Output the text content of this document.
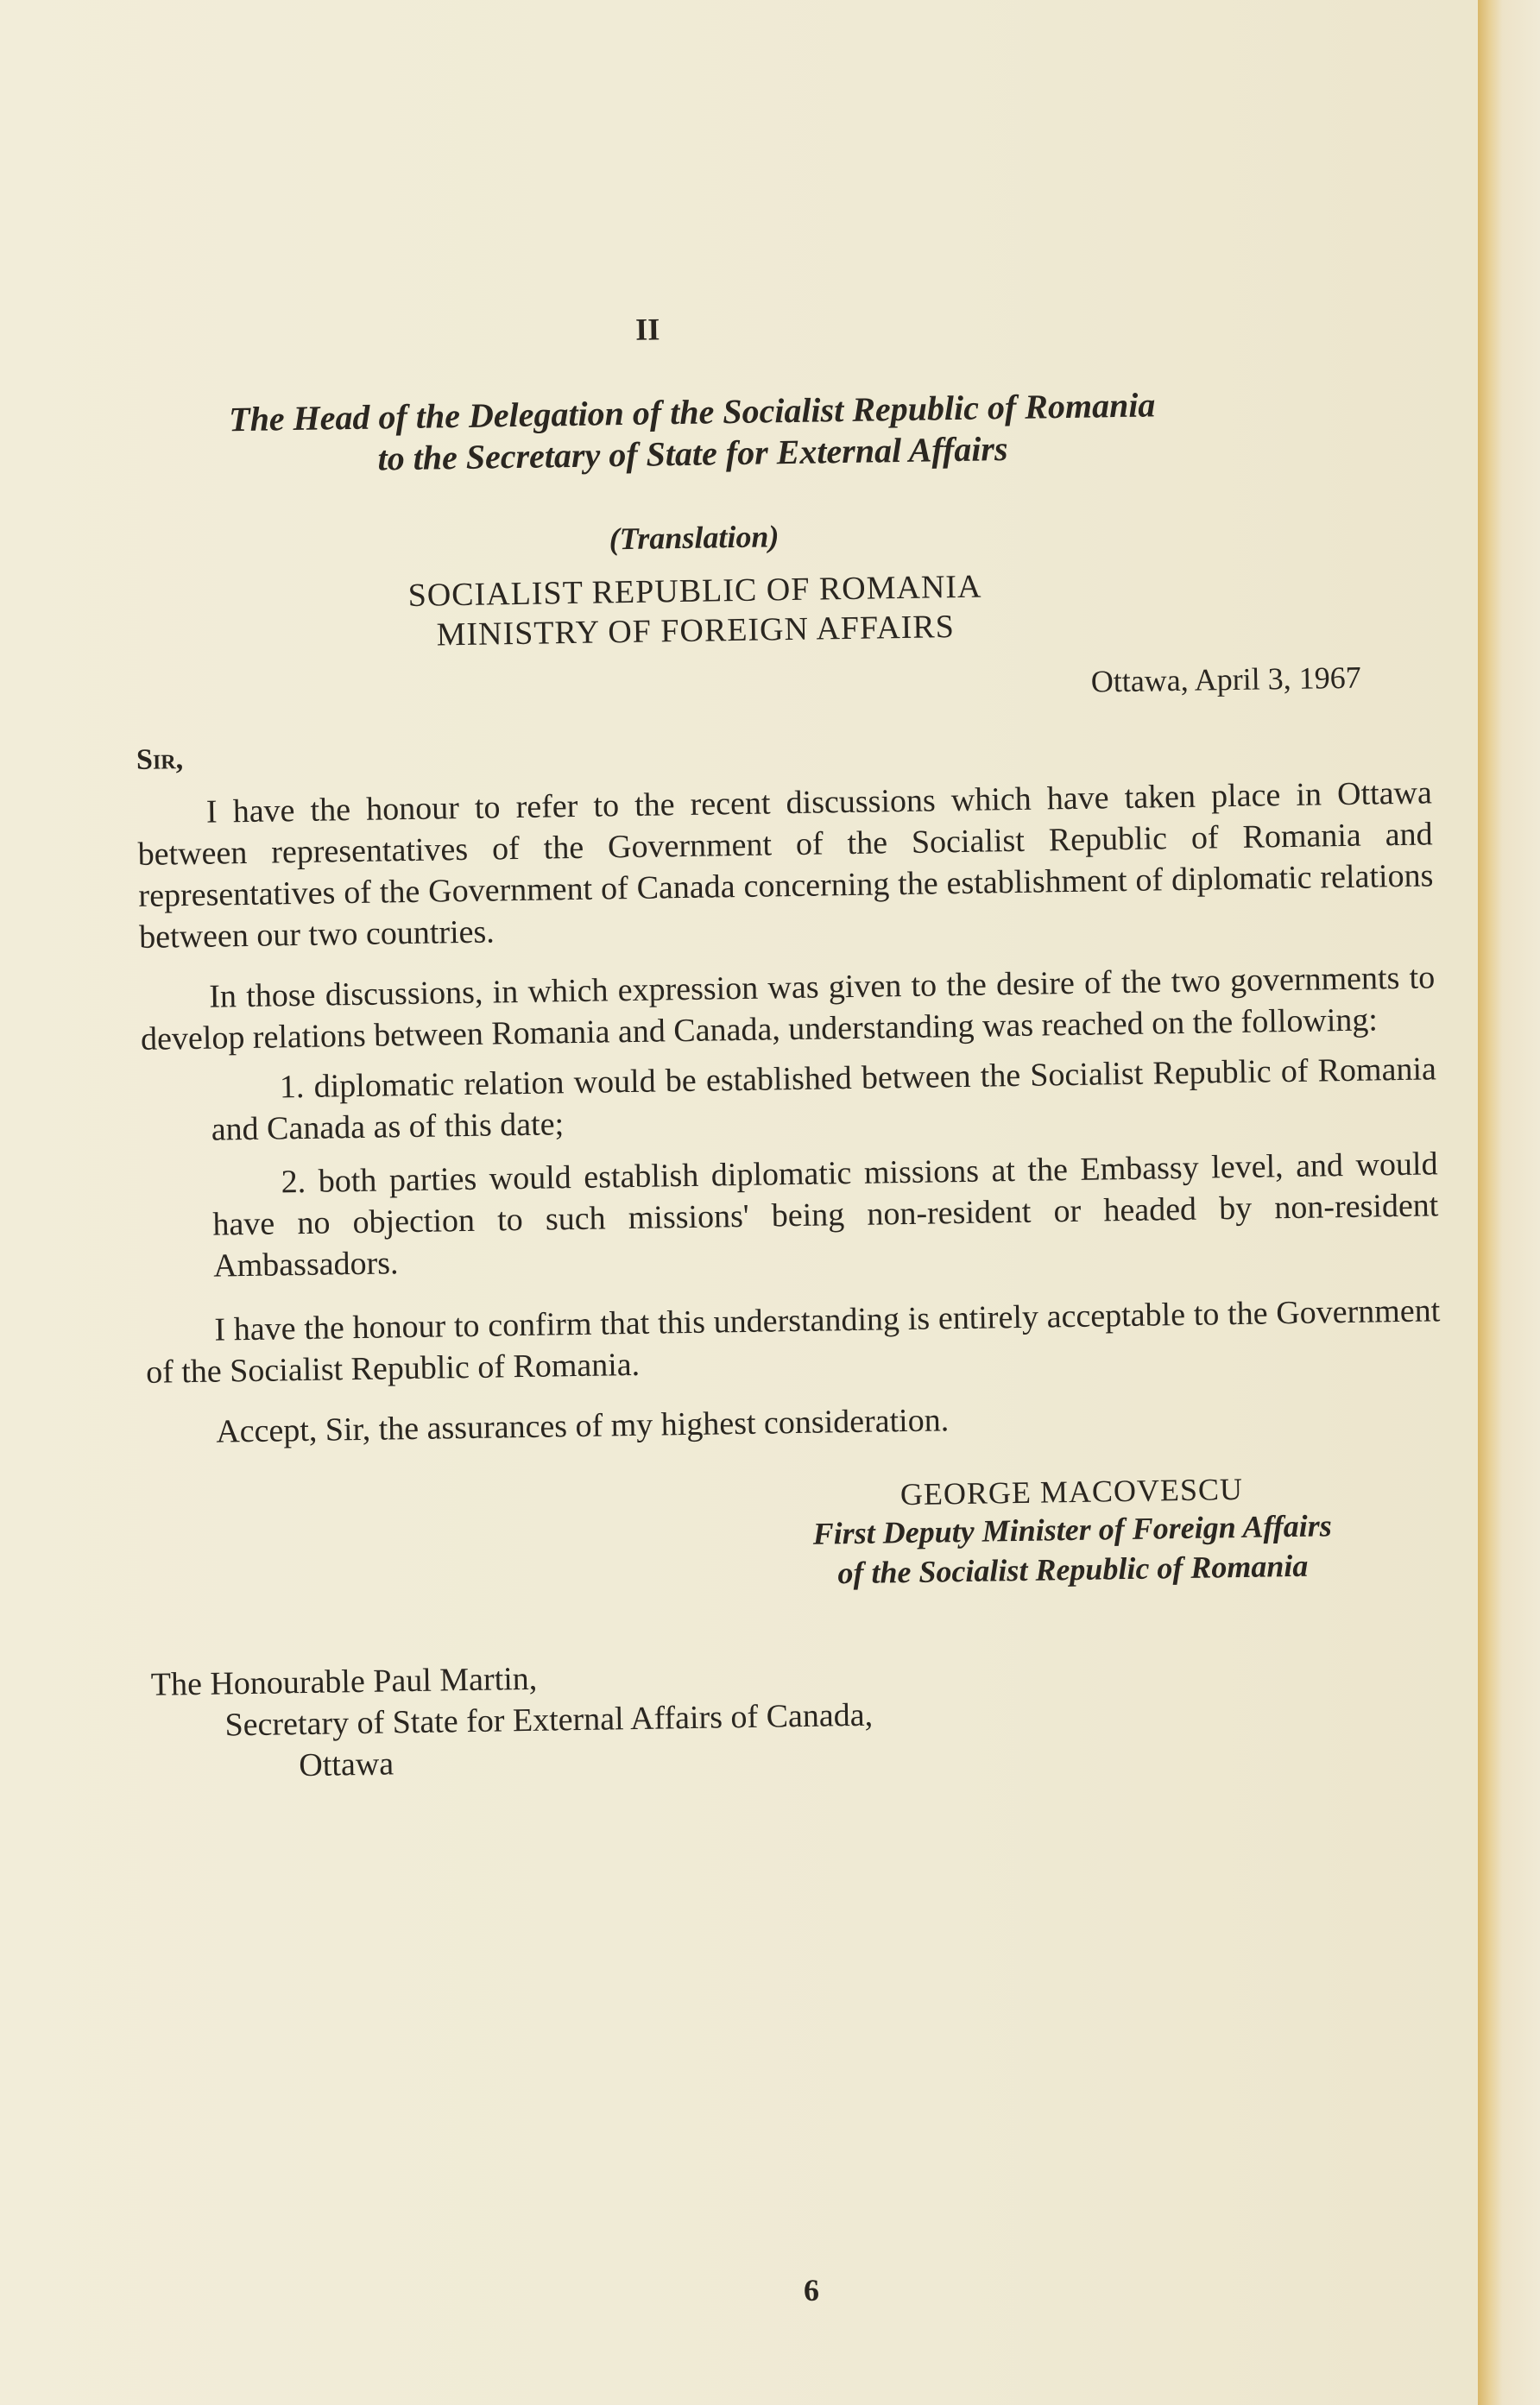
II
The Head of the Delegation of the Socialist Republic of Romania
to the Secretary of State for External Affairs
(Translation)
SOCIALIST REPUBLIC OF ROMANIA
MINISTRY OF FOREIGN AFFAIRS
Ottawa, April 3, 1967
Sir,

I have the honour to refer to the recent discussions which have taken place in Ottawa between representatives of the Government of the Socialist Republic of Romania and representatives of the Government of Canada concerning the establishment of diplomatic relations between our two countries.

In those discussions, in which expression was given to the desire of the two governments to develop relations between Romania and Canada, understanding was reached on the following:

1. diplomatic relation would be established between the Socialist Republic of Romania and Canada as of this date;
2. both parties would establish diplomatic missions at the Embassy level, and would have no objection to such missions' being non-resident or headed by non-resident Ambassadors.

I have the honour to confirm that this understanding is entirely acceptable to the Government of the Socialist Republic of Romania.

Accept, Sir, the assurances of my highest consideration.
GEORGE MACOVESCU
First Deputy Minister of Foreign Affairs
of the Socialist Republic of Romania
The Honourable Paul Martin,
Secretary of State for External Affairs of Canada,
Ottawa
6
